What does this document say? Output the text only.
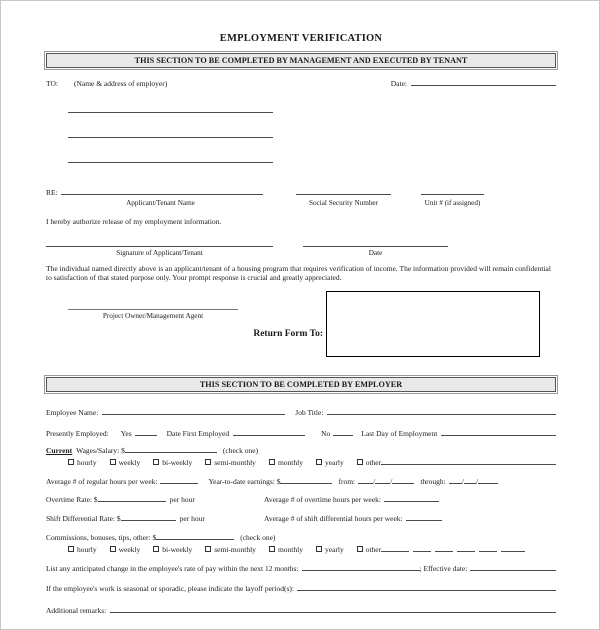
EMPLOYMENT VERIFICATION
THIS SECTION TO BE COMPLETED BY MANAGEMENT AND EXECUTED BY TENANT
TO: (Name & address of employer)	Date:
RE:
Applicant/Tenant Name	Social Security Number	Unit # (if assigned)
I hereby authorize release of my employment information.
Signature of Applicant/Tenant	Date
The individual named directly above is an applicant/tenant of a housing program that requires verification of income. The information provided will remain confidential to satisfaction of that stated purpose only. Your prompt response is crucial and greatly appreciated.
Project Owner/Management Agent
Return Form To:
THIS SECTION TO BE COMPLETED BY EMPLOYER
Employee Name:	Job Title:
Presently Employed: Yes	Date First Employed	No	Last Day of Employment
Current Wages/Salary: $	(check one)
hourly	weekly	bi-weekly	semi-monthly	monthly	yearly	other
Average # of regular hours per week:	Year-to-date earnings: $	from: / /	through: / /
Overtime Rate: $	per hour	Average # of overtime hours per week:
Shift Differential Rate: $	per hour	Average # of shift differential hours per week:
Commissions, bonuses, tips, other: $	(check one)
hourly	weekly	bi-weekly	semi-monthly	monthly	yearly	other
List any anticipated change in the employee's rate of pay within the next 12 months:	; Effective date:
If the employee's work is seasonal or sporadic, please indicate the layoff period(s):
Additional remarks:
